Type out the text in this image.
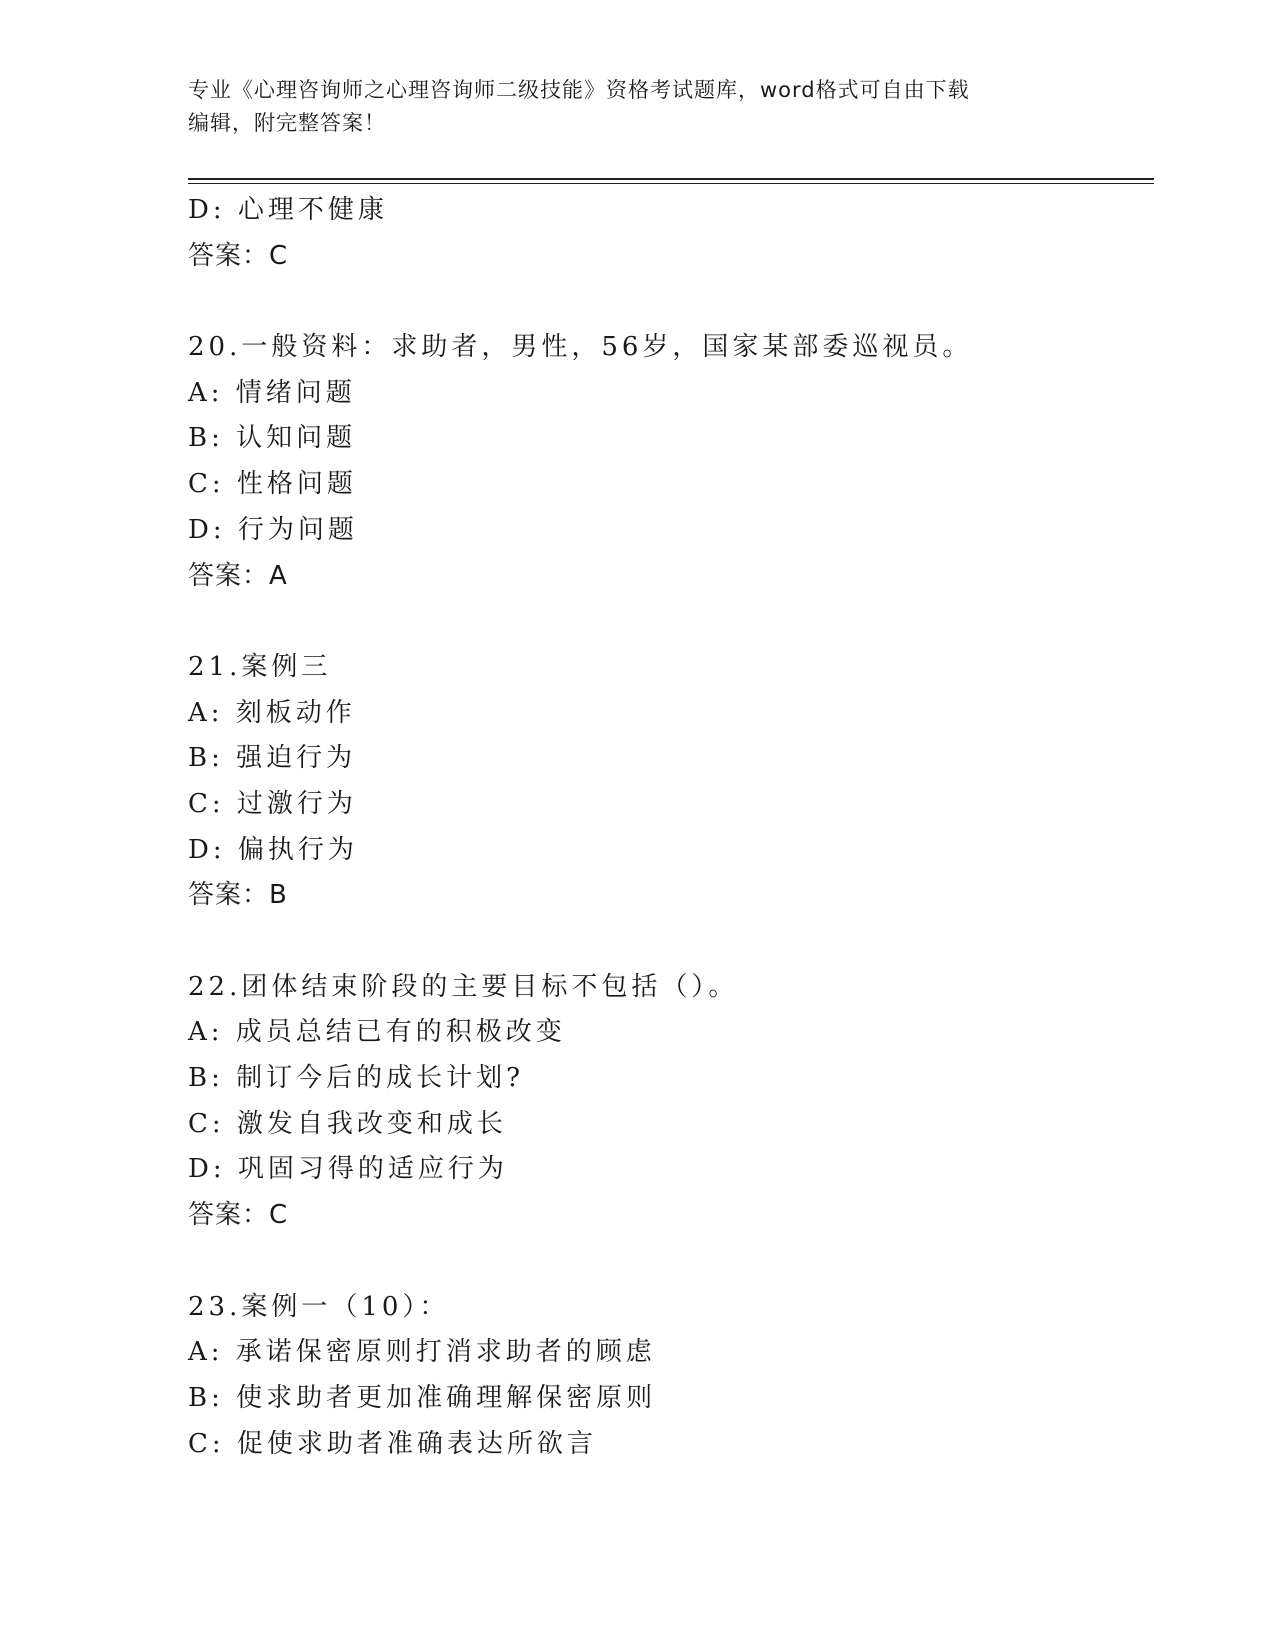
专业《心理咨询师之心理咨询师二级技能》资格考试题库，word格式可自由下载
编辑，附完整答案！
D: 心理不健康
答案：C
20.一般资料：求助者，男性，56岁，国家某部委巡视员。
A: 情绪问题
B: 认知问题
C: 性格问题
D: 行为问题
答案：A
21.案例三
A: 刻板动作
B: 强迫行为
C: 过激行为
D: 偏执行为
答案：B
22.团体结束阶段的主要目标不包括（）。
A: 成员总结已有的积极改变
B: 制订今后的成长计划?
C: 激发自我改变和成长
D: 巩固习得的适应行为
答案：C
23.案例一（10）：
A: 承诺保密原则打消求助者的顾虑
B: 使求助者更加准确理解保密原则
C: 促使求助者准确表达所欲言
